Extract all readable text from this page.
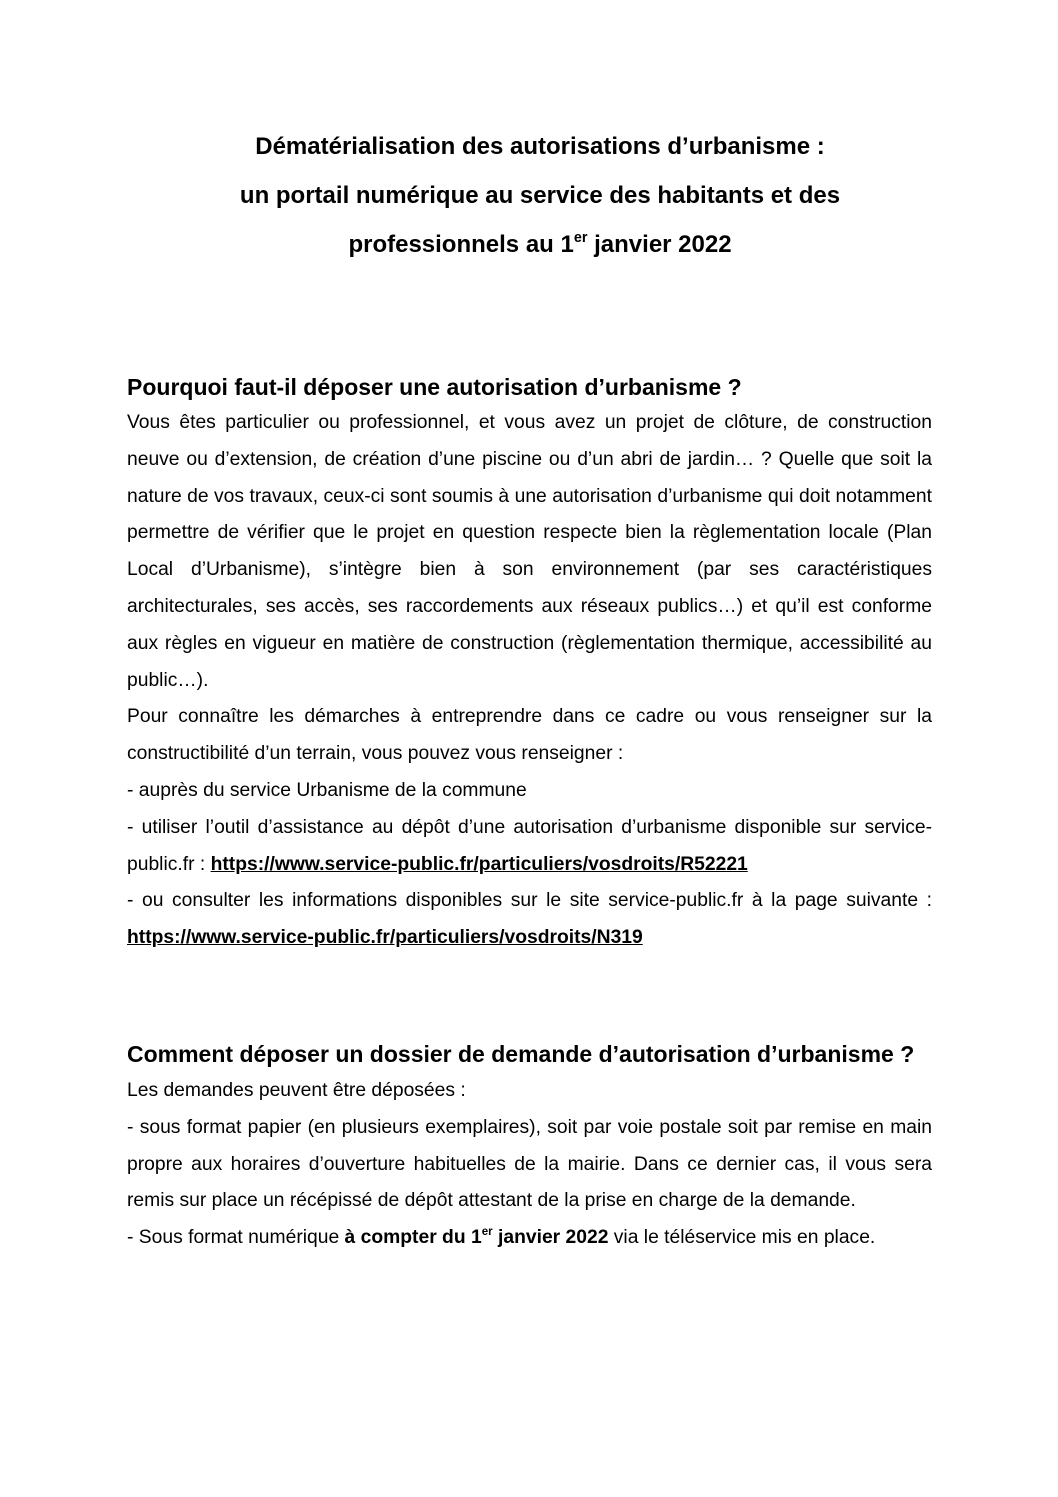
Dématérialisation des autorisations d’urbanisme :
un portail numérique au service des habitants et des
professionnels au 1er janvier 2022
Pourquoi faut-il déposer une autorisation d’urbanisme ?

Vous êtes particulier ou professionnel, et vous avez un projet de clôture, de construction neuve ou d’extension, de création d’une piscine ou d’un abri de jardin… ? Quelle que soit la nature de vos travaux, ceux-ci sont soumis à une autorisation d’urbanisme qui doit notamment permettre de vérifier que le projet en question respecte bien la règlementation locale (Plan Local d’Urbanisme), s’intègre bien à son environnement (par ses caractéristiques architecturales, ses accès, ses raccordements aux réseaux publics…) et qu’il est conforme aux règles en vigueur en matière de construction (règlementation thermique, accessibilité au public…).

Pour connaître les démarches à entreprendre dans ce cadre ou vous renseigner sur la constructibilité d’un terrain, vous pouvez vous renseigner :

- auprès du service Urbanisme de la commune

- utiliser l’outil d’assistance au dépôt d’une autorisation d’urbanisme disponible sur service-public.fr : https://www.service-public.fr/particuliers/vosdroits/R52221

- ou consulter les informations disponibles sur le site service-public.fr à la page suivante : https://www.service-public.fr/particuliers/vosdroits/N319

Comment déposer un dossier de demande d’autorisation d’urbanisme ?

Les demandes peuvent être déposées :

- sous format papier (en plusieurs exemplaires), soit par voie postale soit par remise en main propre aux horaires d’ouverture habituelles de la mairie. Dans ce dernier cas, il vous sera remis sur place un récépissé de dépôt attestant de la prise en charge de la demande.

- Sous format numérique à compter du 1er janvier 2022 via le téléservice mis en place.
